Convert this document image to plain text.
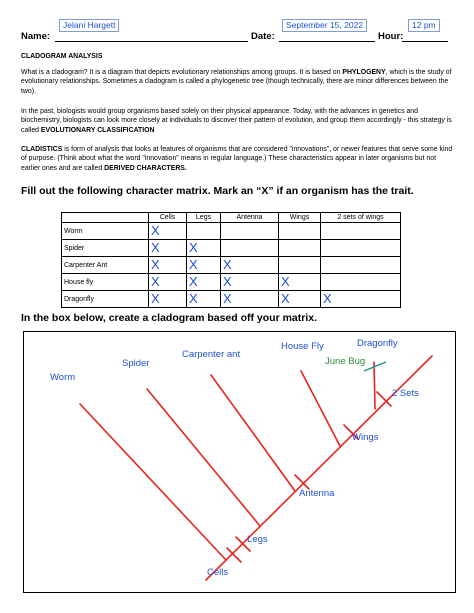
Name:
Jelani Hargett
Date:
September 15, 2022
Hour:
12 pm
CLADOGRAM ANALYSIS
What is a cladogram? It is a diagram that depicts evolutionary relationships among groups. It is based on PHYLOGENY, which is the study of evolutionary relationships. Sometimes a cladogram is called a phylogenetic tree (though technically, there are minor differences between the two).
In the past, biologists would group organisms based solely on their physical appearance. Today, with the advances in genetics and biochemistry, biologists can look more closely at individuals to discover their pattern of evolution, and group them accordingly - this strategy is called EVOLUTIONARY CLASSIFICATION
CLADISTICS is form of analysis that looks at features of organisms that are considered "innovations", or newer features that serve some kind of purpose. (Think about what the word "innovation" means in regular language.) These characteristics appear in later organisms but not earlier ones and are called DERIVED CHARACTERS.
Fill out the following character matrix. Mark an “X” if an organism has the trait.
	Cells	Legs	Antenna	Wings	2 sets of wings
Worm	X				
Spider	X	X			
Carpenter Ant	X	X	X		
House fly	X	X	X	X	
Dragonfly	X	X	X	X	X
In the box below, create a cladogram based off your matrix.
Worm
Spider
Carpenter ant
House Fly	Dragonfly
June Bug
2 Sets
Wings
Antenna
Legs
Cells
